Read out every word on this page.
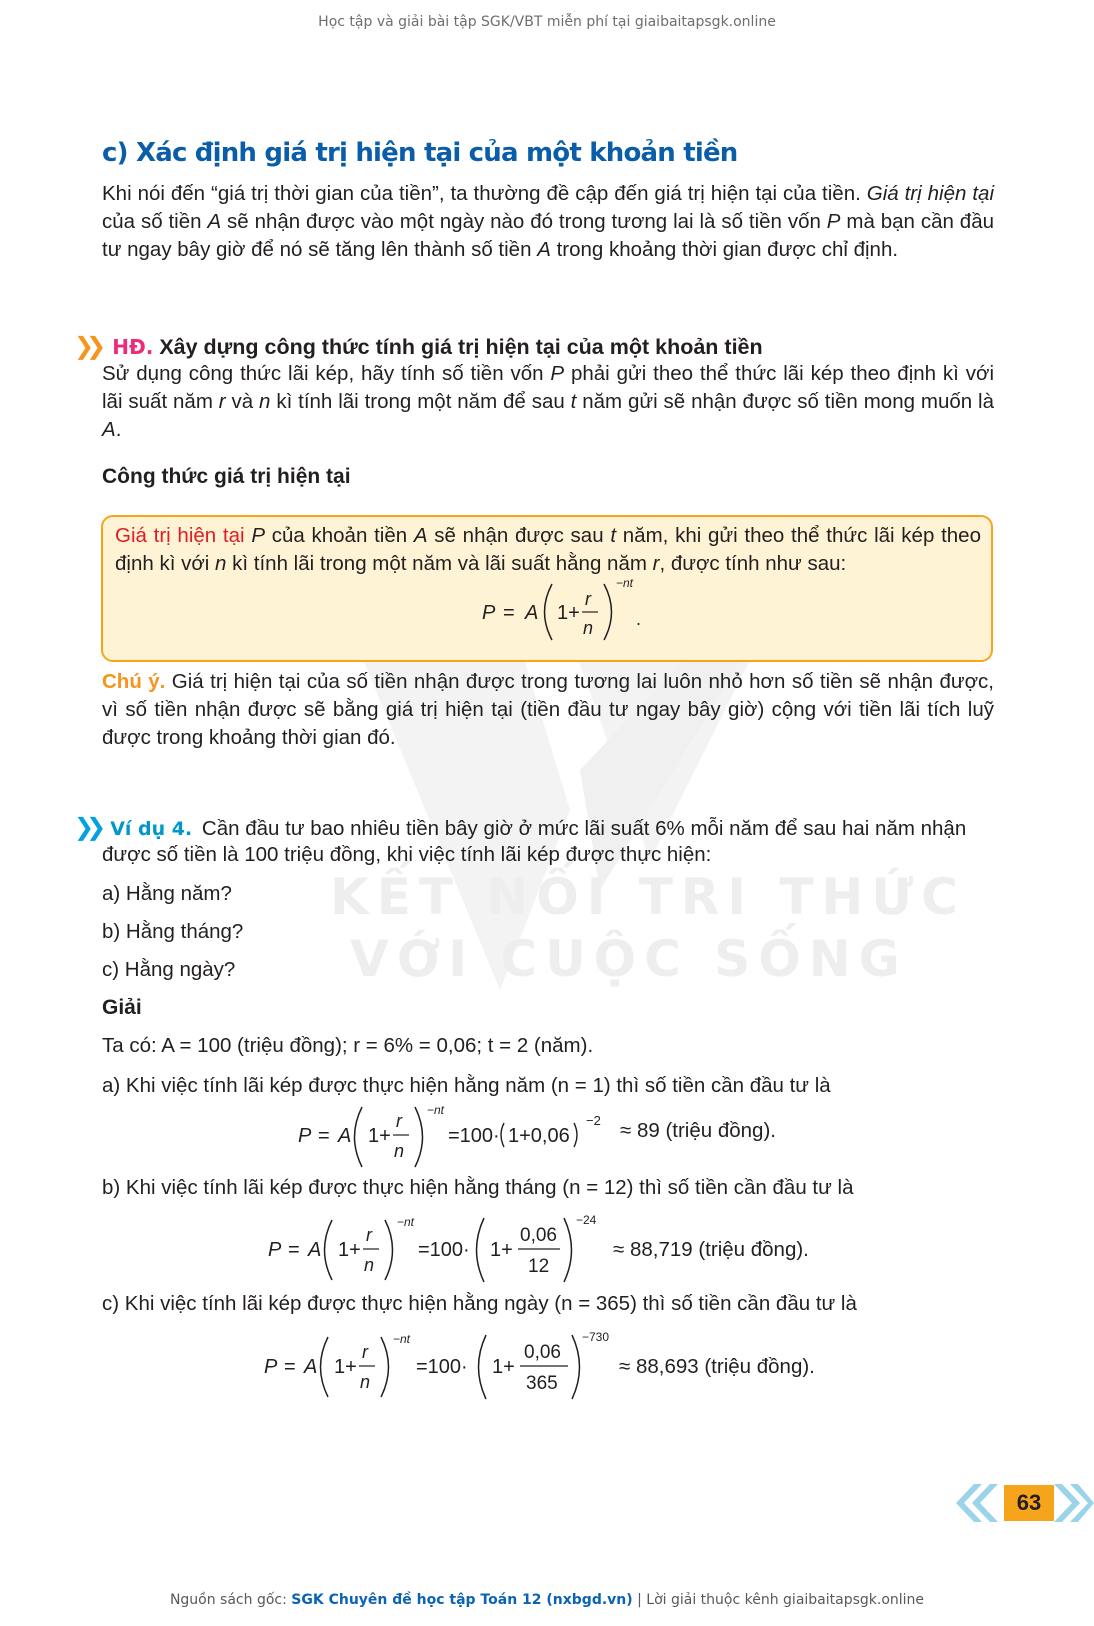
Học tập và giải bài tập SGK/VBT miễn phí tại giaibaitapsgk.online
KẾT NỐI TRI THỨC
VỚI CUỘC SỐNG
c) Xác định giá trị hiện tại của một khoản tiền
Khi nói đến “giá trị thời gian của tiền”, ta thường đề cập đến giá trị hiện tại của tiền. Giá trị hiện tại của số tiền A sẽ nhận được vào một ngày nào đó trong tương lai là số tiền vốn P mà bạn cần đầu tư ngay bây giờ để nó sẽ tăng lên thành số tiền A trong khoảng thời gian được chỉ định.
❯❯ HĐ. Xây dựng công thức tính giá trị hiện tại của một khoản tiền
Sử dụng công thức lãi kép, hãy tính số tiền vốn P phải gửi theo thể thức lãi kép theo định kì với lãi suất năm r và n kì tính lãi trong một năm để sau t năm gửi sẽ nhận được số tiền mong muốn là A.
Công thức giá trị hiện tại
Giá trị hiện tại P của khoản tiền A sẽ nhận được sau t năm, khi gửi theo thể thức lãi kép theo định kì với n kì tính lãi trong một năm và lãi suất hằng năm r, được tính như sau:
P = A 1+
r
n
−nt
.
Chú ý. Giá trị hiện tại của số tiền nhận được trong tương lai luôn nhỏ hơn số tiền sẽ nhận được, vì số tiền nhận được sẽ bằng giá trị hiện tại (tiền đầu tư ngay bây giờ) cộng với tiền lãi tích luỹ được trong khoảng thời gian đó.
❯❯ Ví dụ 4. Cần đầu tư bao nhiêu tiền bây giờ ở mức lãi suất 6% mỗi năm để sau hai năm nhận
được số tiền là 100 triệu đồng, khi việc tính lãi kép được thực hiện:
a) Hằng năm?
b) Hằng tháng?
c) Hằng ngày?
Giải
Ta có: A = 100 (triệu đồng); r = 6% = 0,06; t = 2 (năm).
a) Khi việc tính lãi kép được thực hiện hằng năm (n = 1) thì số tiền cần đầu tư là
P = A 1+
r
n
−nt
=100· 1+0,06
−2 ≈ 89 (triệu đồng).
b) Khi việc tính lãi kép được thực hiện hằng tháng (n = 12) thì số tiền cần đầu tư là
P = A 1+
r
n
−nt
=100· 1+
0,06
12
−24
≈ 88,719 (triệu đồng).
c) Khi việc tính lãi kép được thực hiện hằng ngày (n = 365) thì số tiền cần đầu tư là
P = A 1+
r
n
−nt
=100· 1+
0,06
365
−730
≈ 88,693 (triệu đồng).
63
Nguồn sách gốc: SGK Chuyên đề học tập Toán 12 (nxbgd.vn) | Lời giải thuộc kênh giaibaitapsgk.online
